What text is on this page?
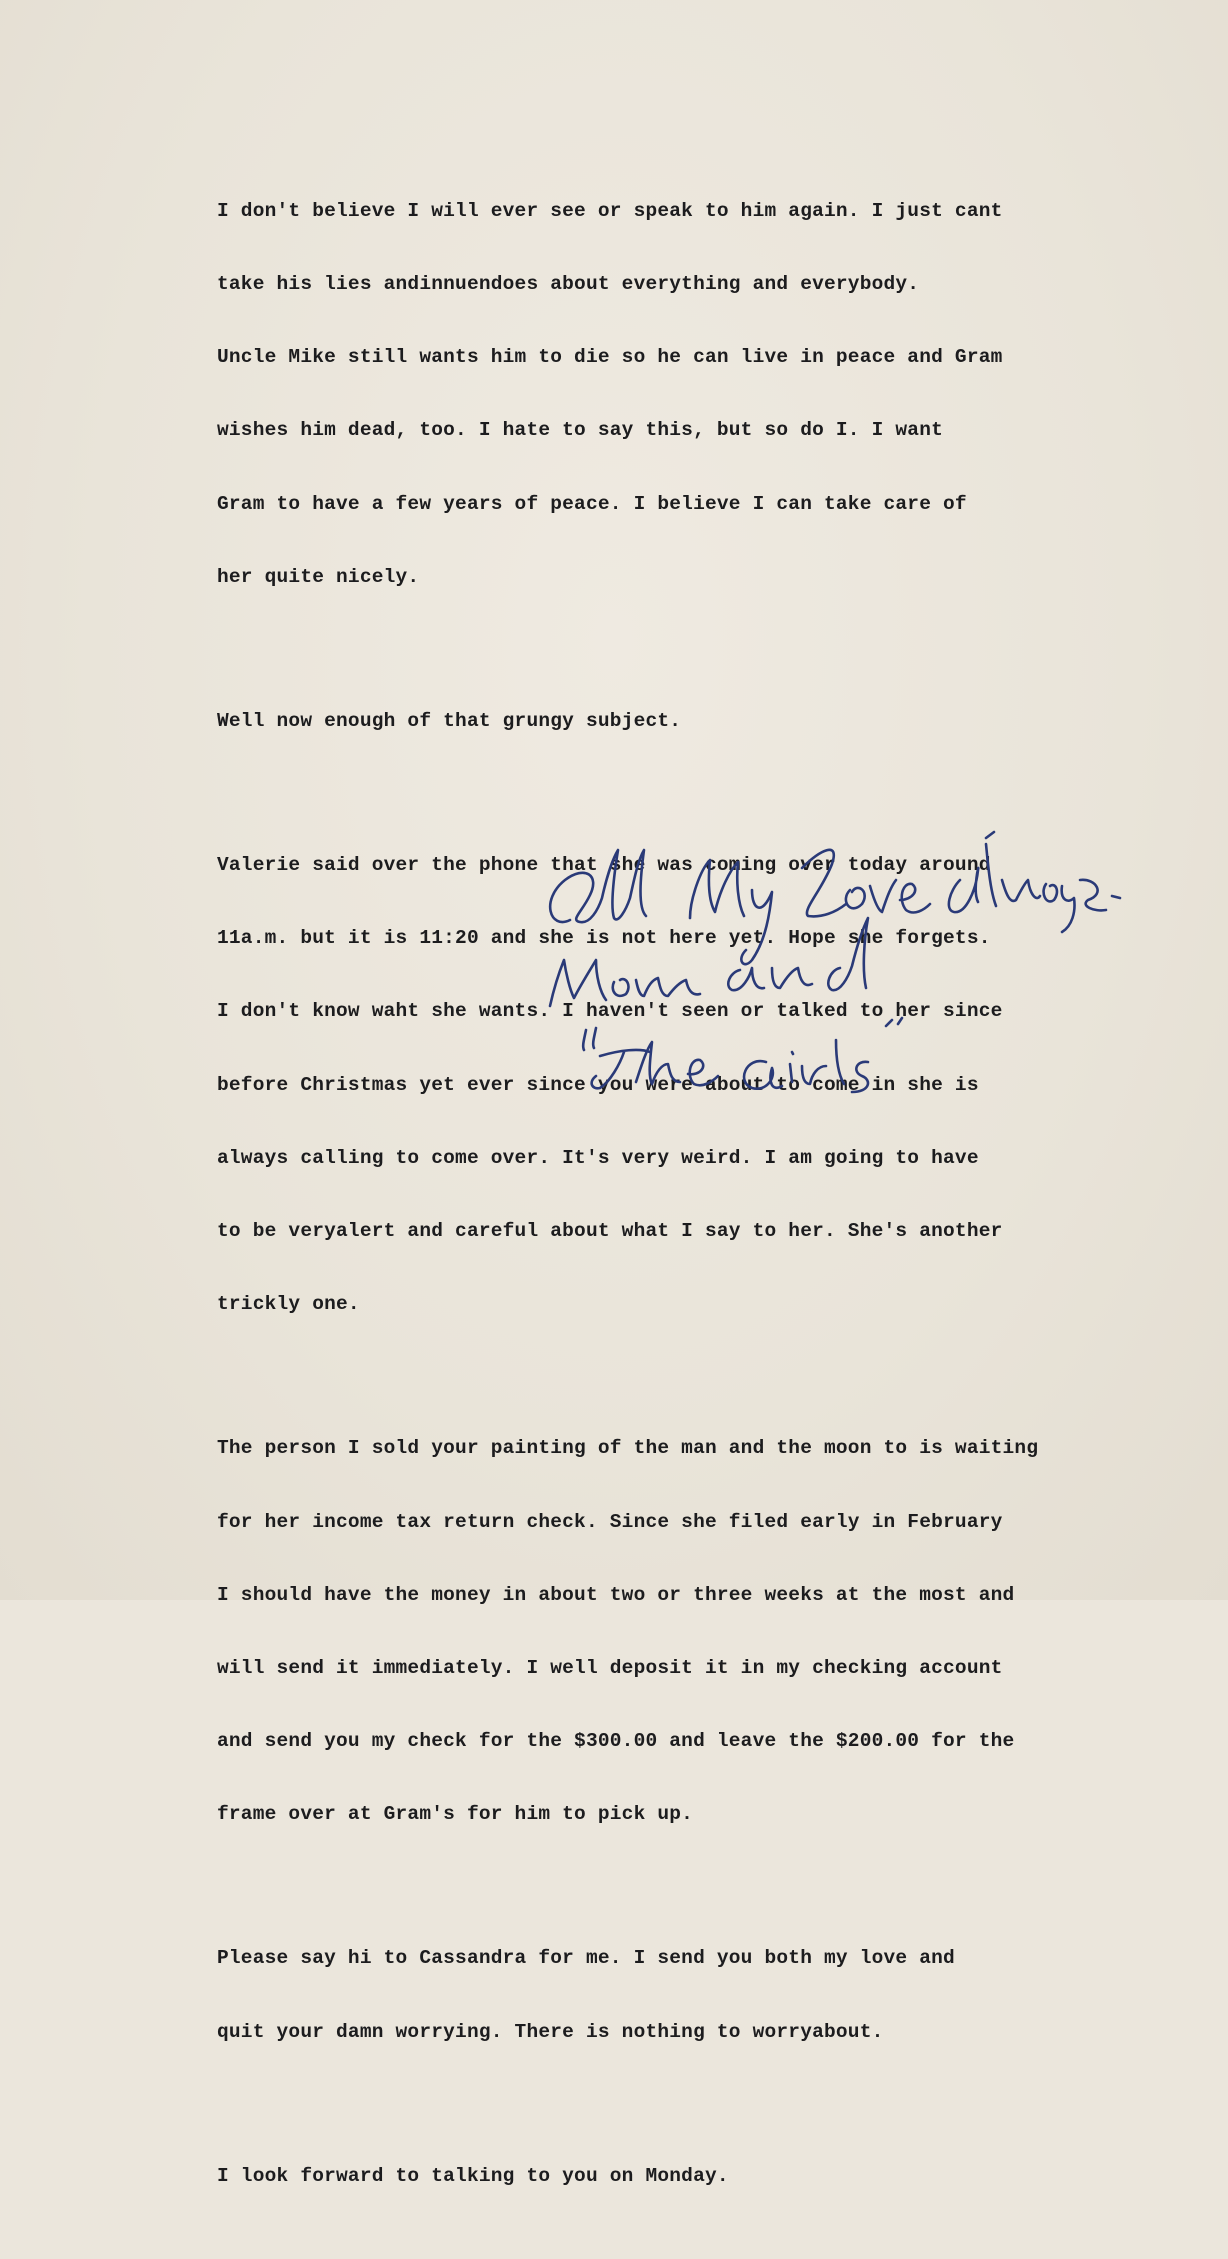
I don't believe I will ever see or speak to him again. I just cant

take his lies andinnuendoes about everything and everybody.

Uncle Mike still wants him to die so he can live in peace and Gram

wishes him dead, too. I hate to say this, but so do I. I want

Gram to have a few years of peace. I believe I can take care of

her quite nicely.

Well now enough of that grungy subject.

Valerie said over the phone that she was coming over today around

11a.m. but it is 11:20 and she is not here yet. Hope she forgets.

I don't know waht she wants. I haven't seen or talked to her since

before Christmas yet ever since you were about to come in she is

always calling to come over. It's very weird. I am going to have

to be veryalert and careful about what I say to her. She's another

trickly one.

The person I sold your painting of the man and the moon to is waiting

for her income tax return check. Since she filed early in February

I should have the money in about two or three weeks at the most and

will send it immediately. I well deposit it in my checking account

and send you my check for the $300.00 and leave the $200.00 for the

frame over at Gram's for him to pick up.

Please say hi to Cassandra for me. I send you both my love and

quit your damn worrying. There is nothing to worryabout.

I look forward to talking to you on Monday.
